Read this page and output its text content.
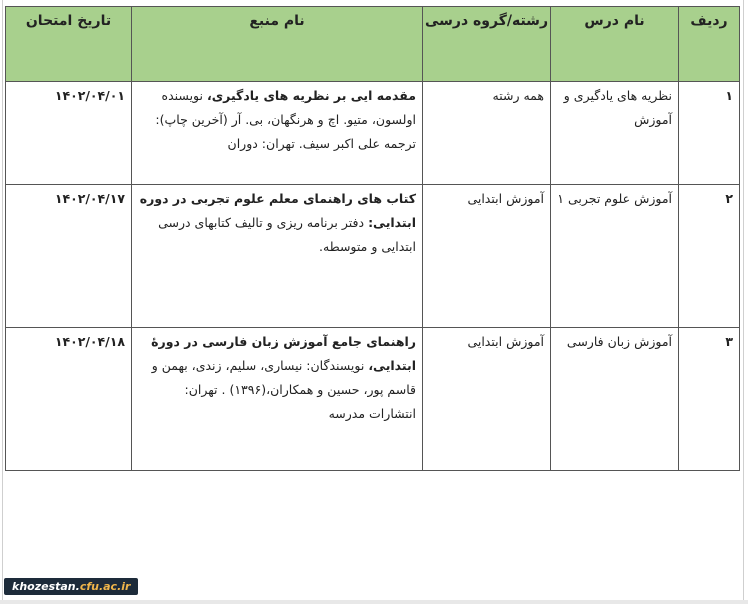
ردیف	نام درس	رشته/گروه درسی	نام منبع	تاریخ امتحان
۱	نظریه های یادگیری و آموزش	همه رشته	مقدمه ایی بر نظریه های یادگیری، نویسنده اولسون، متیو. اچ و هرنگهان، بی. آر (آخرین چاپ): ترجمه علی اکبر سیف. تهران: دوران	۱۴۰۲/۰۴/۰۱
۲	آموزش علوم تجربی ۱	آموزش ابتدایی	کتاب های راهنمای معلم علوم تجربی در دوره ابتدایی: دفتر برنامه ریزی و تالیف کتابهای درسی ابتدایی و متوسطه.	۱۴۰۲/۰۴/۱۷
۳	آموزش زبان فارسی	آموزش ابتدایی	راهنمای جامع آموزش زبان فارسی در دورهٔ ابتدایی، نویسندگان: نیساری، سلیم، زندی، بهمن و قاسم پور، حسین و همکاران،(۱۳۹۶) . تهران: انتشارات مدرسه	۱۴۰۲/۰۴/۱۸
khozestan.cfu.ac.ir
